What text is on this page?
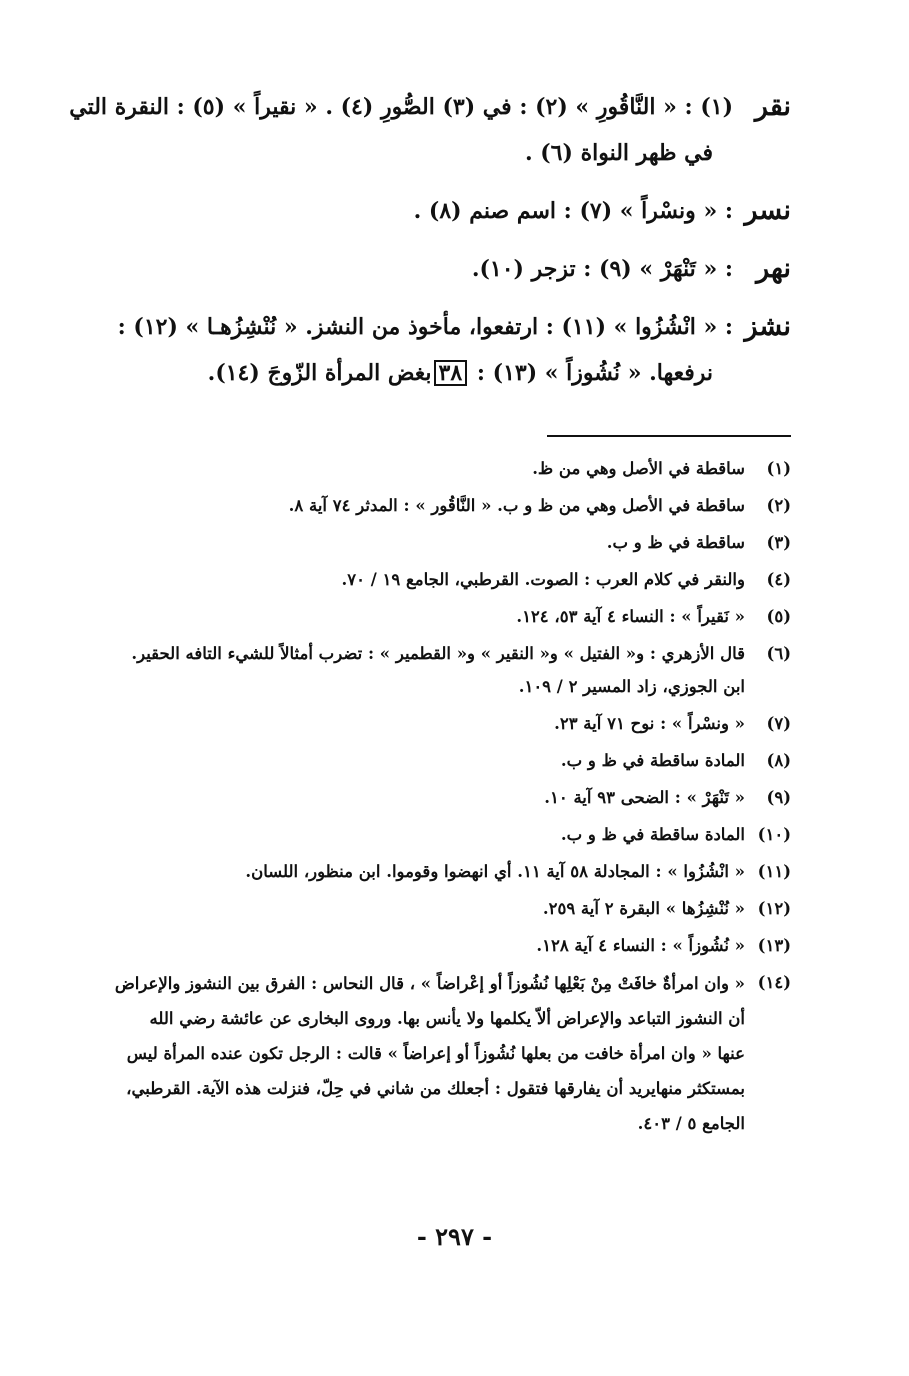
نقر
(١) : « النَّاقُورِ » (٢) : في (٣) الصُّورِ (٤) . « نقيراً » (٥) : النقرة التي
في ظهر النواة (٦) .
نسر
: « ونسْراً » (٧) : اسم صنم (٨) .
نهر
: « تَنْهَرْ » (٩) : تزجر (١٠).
نشز
: « انْشُزُوا » (١١) : ارتفعوا، مأخوذ من النشز. « نُنْشِزُهـا » (١٢) :
نرفعها. « نُشُوزاً » (١٣) : ٣٨بغض المرأة الزّوجَ (١٤).
(١)
ساقطة في الأصل وهي من ظ.
(٢)
ساقطة في الأصل وهي من ظ و ب. « النَّاقُور » : المدثر ٧٤ آية ٨.
(٣)
ساقطة في ظ و ب.
(٤)
والنقر في كلام العرب : الصوت. القرطبي، الجامع ١٩ / ٧٠.
(٥)
« نَقيراً » : النساء ٤ آية ٥٣، ١٢٤.
(٦)
قال الأزهري : و« الفتيل » و« النقير » و« القطمير » : تضرب أمثالاً للشيء التافه الحقير.
ابن الجوزي، زاد المسير ٢ / ١٠٩.
(٧)
« ونسْراً » : نوح ٧١ آية ٢٣.
(٨)
المادة ساقطة في ظ و ب.
(٩)
« تَنْهَرْ » : الضحى ٩٣ آية ١٠.
(١٠)
المادة ساقطة في ظ و ب.
(١١)
« انْشُزُوا » : المجادلة ٥٨ آية ١١. أي انهضوا وقوموا. ابن منظور، اللسان.
(١٢)
« نُنْشِزُها » البقرة ٢ آية ٢٥٩.
(١٣)
« نُشُوزاً » : النساء ٤ آية ١٢٨.
(١٤)
« وان امرأةٌ خافَتْ مِنْ بَعْلِها نُشُوزاً أو إعْراضاً » ، قال النحاس : الفرق بين النشوز والإعراض
أن النشوز التباعد والإعراض ألاّ يكلمها ولا يأنس بها. وروى البخارى عن عائشة رضي الله
عنها « وان امرأة خافت من بعلها نُشُوزاً أو إعراضاً » قالت : الرجل تكون عنده المرأة ليس
بمستكثر منهايريد أن يفارقها فتقول : أجعلك من شاني في حِلّ، فنزلت هذه الآية. القرطبي،
الجامع ٥ / ٤٠٣.
- ٢٩٧ -
